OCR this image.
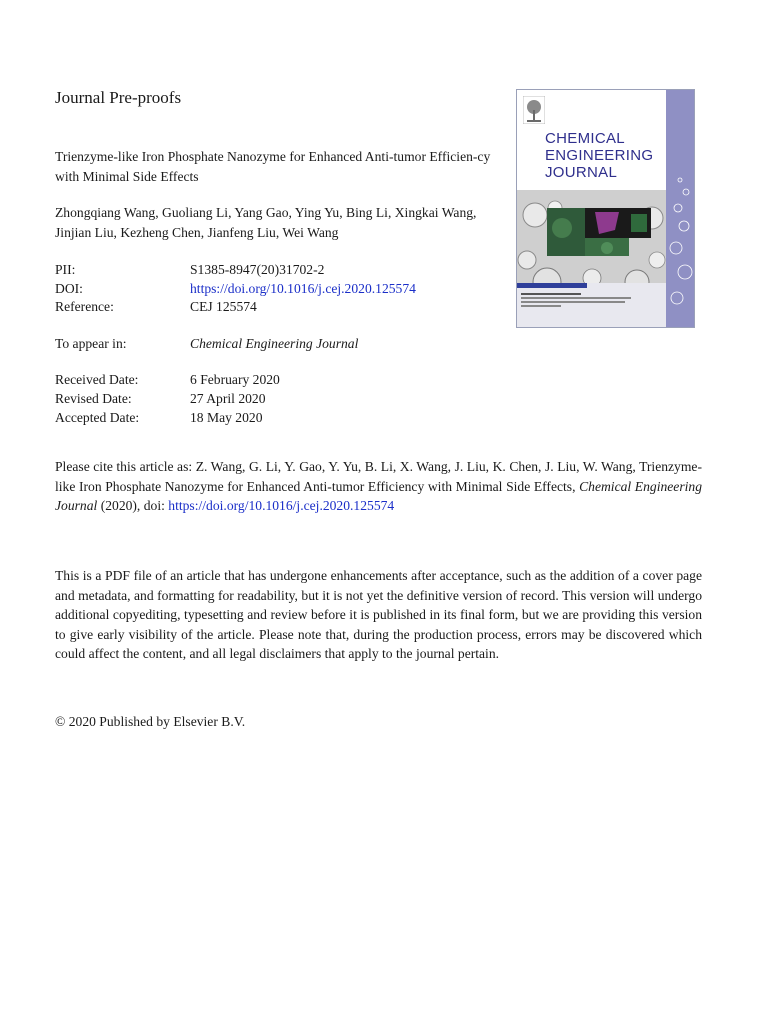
Journal Pre-proofs
Trienzyme-like Iron Phosphate Nanozyme for Enhanced Anti-tumor Efficien-cy with Minimal Side Effects
Zhongqiang Wang, Guoliang Li, Yang Gao, Ying Yu, Bing Li, Xingkai Wang, Jinjian Liu, Kezheng Chen, Jianfeng Liu, Wei Wang
PII:	S1385-8947(20)31702-2
DOI:	https://doi.org/10.1016/j.cej.2020.125574
Reference:	CEJ 125574
To appear in:	Chemical Engineering Journal
Received Date:	6 February 2020
Revised Date:	27 April 2020
Accepted Date:	18 May 2020
Please cite this article as: Z. Wang, G. Li, Y. Gao, Y. Yu, B. Li, X. Wang, J. Liu, K. Chen, J. Liu, W. Wang, Trienzyme-like Iron Phosphate Nanozyme for Enhanced Anti-tumor Efficiency with Minimal Side Effects, Chemical Engineering Journal (2020), doi: https://doi.org/10.1016/j.cej.2020.125574
This is a PDF file of an article that has undergone enhancements after acceptance, such as the addition of a cover page and metadata, and formatting for readability, but it is not yet the definitive version of record. This version will undergo additional copyediting, typesetting and review before it is published in its final form, but we are providing this version to give early visibility of the article. Please note that, during the production process, errors may be discovered which could affect the content, and all legal disclaimers that apply to the journal pertain.
© 2020 Published by Elsevier B.V.

CHEMICAL
ENGINEERING
JOURNAL
